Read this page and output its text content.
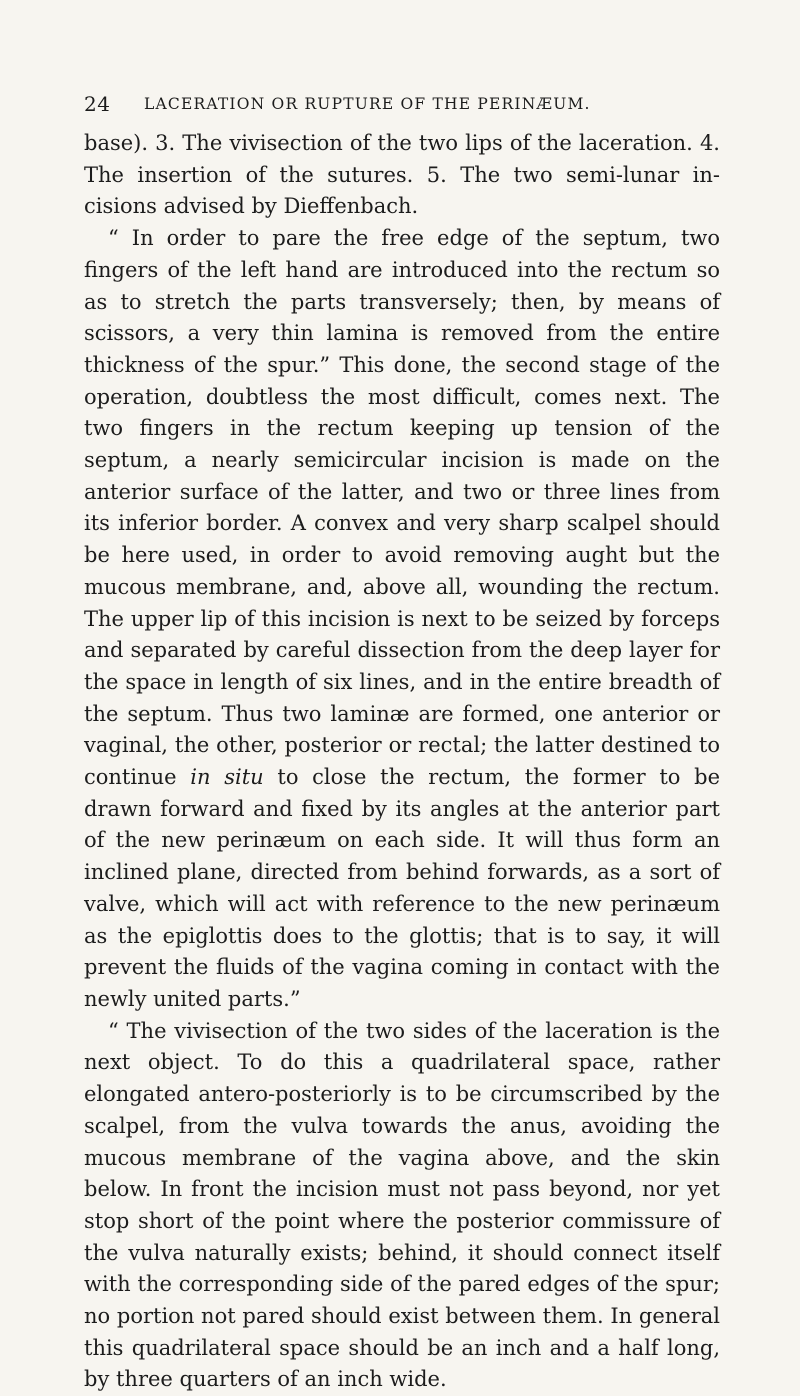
24 LACERATION OR RUPTURE OF THE PERINÆUM.

base). 3. The vivisection of the two lips of the laceration. 4. The insertion of the sutures. 5. The two semi-lunar in-cisions advised by Dieffenbach.

“ In order to pare the free edge of the septum, two fingers of the left hand are introduced into the rectum so as to stretch the parts transversely; then, by means of scissors, a very thin lamina is removed from the entire thickness of the spur.” This done, the second stage of the operation, doubtless the most difficult, comes next. The two fingers in the rectum keeping up tension of the septum, a nearly semicircular incision is made on the anterior surface of the latter, and two or three lines from its inferior border. A convex and very sharp scalpel should be here used, in order to avoid removing aught but the mucous membrane, and, above all, wounding the rectum. The upper lip of this incision is next to be seized by forceps and separated by careful dissection from the deep layer for the space in length of six lines, and in the entire breadth of the septum. Thus two laminæ are formed, one anterior or vaginal, the other, posterior or rectal; the latter destined to continue in situ to close the rectum, the former to be drawn forward and fixed by its angles at the anterior part of the new perinæum on each side. It will thus form an inclined plane, directed from behind forwards, as a sort of valve, which will act with reference to the new perinæum as the epiglottis does to the glottis; that is to say, it will prevent the fluids of the vagina coming in contact with the newly united parts.”

“ The vivisection of the two sides of the laceration is the next object. To do this a quadrilateral space, rather elongated antero-posteriorly is to be circumscribed by the scalpel, from the vulva towards the anus, avoiding the mucous membrane of the vagina above, and the skin below. In front the incision must not pass beyond, nor yet stop short of the point where the posterior commissure of the vulva naturally exists; behind, it should connect itself with the corresponding side of the pared edges of the spur; no portion not pared should exist between them. In general this quadrilateral space should be an inch and a half long, by three quarters of an inch wide.
